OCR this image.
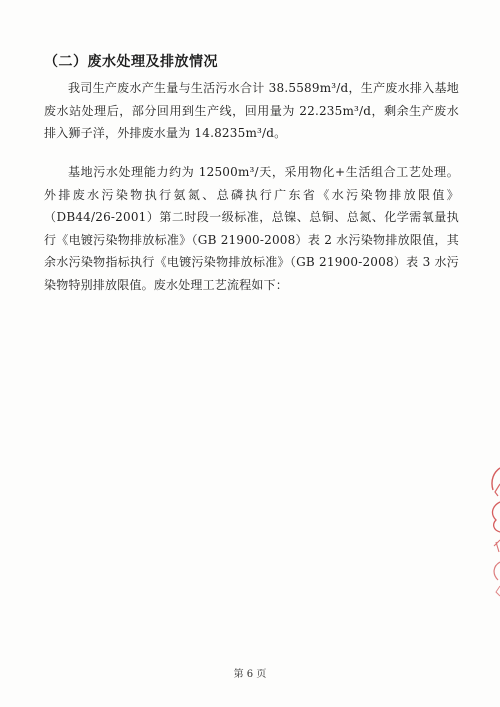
（二）废水处理及排放情况

我司生产废水产生量与生活污水合计 38.5589m³/d，生产废水排入基地废水站处理后，部分回用到生产线，回用量为 22.235m³/d，剩余生产废水排入狮子洋，外排废水量为 14.8235m³/d。

基地污水处理能力约为 12500m³/天，采用物化+生活组合工艺处理。外排废水污染物执行氨氮、总磷执行广东省《水污染物排放限值》（DB44/26-2001）第二时段一级标准，总镍、总铜、总氮、化学需氧量执行《电镀污染物排放标准》（GB 21900-2008）表 2 水污染物排放限值，其余水污染物指标执行《电镀污染物排放标准》（GB 21900-2008）表 3 水污染物特别排放限值。废水处理工艺流程如下：

第 6 页
